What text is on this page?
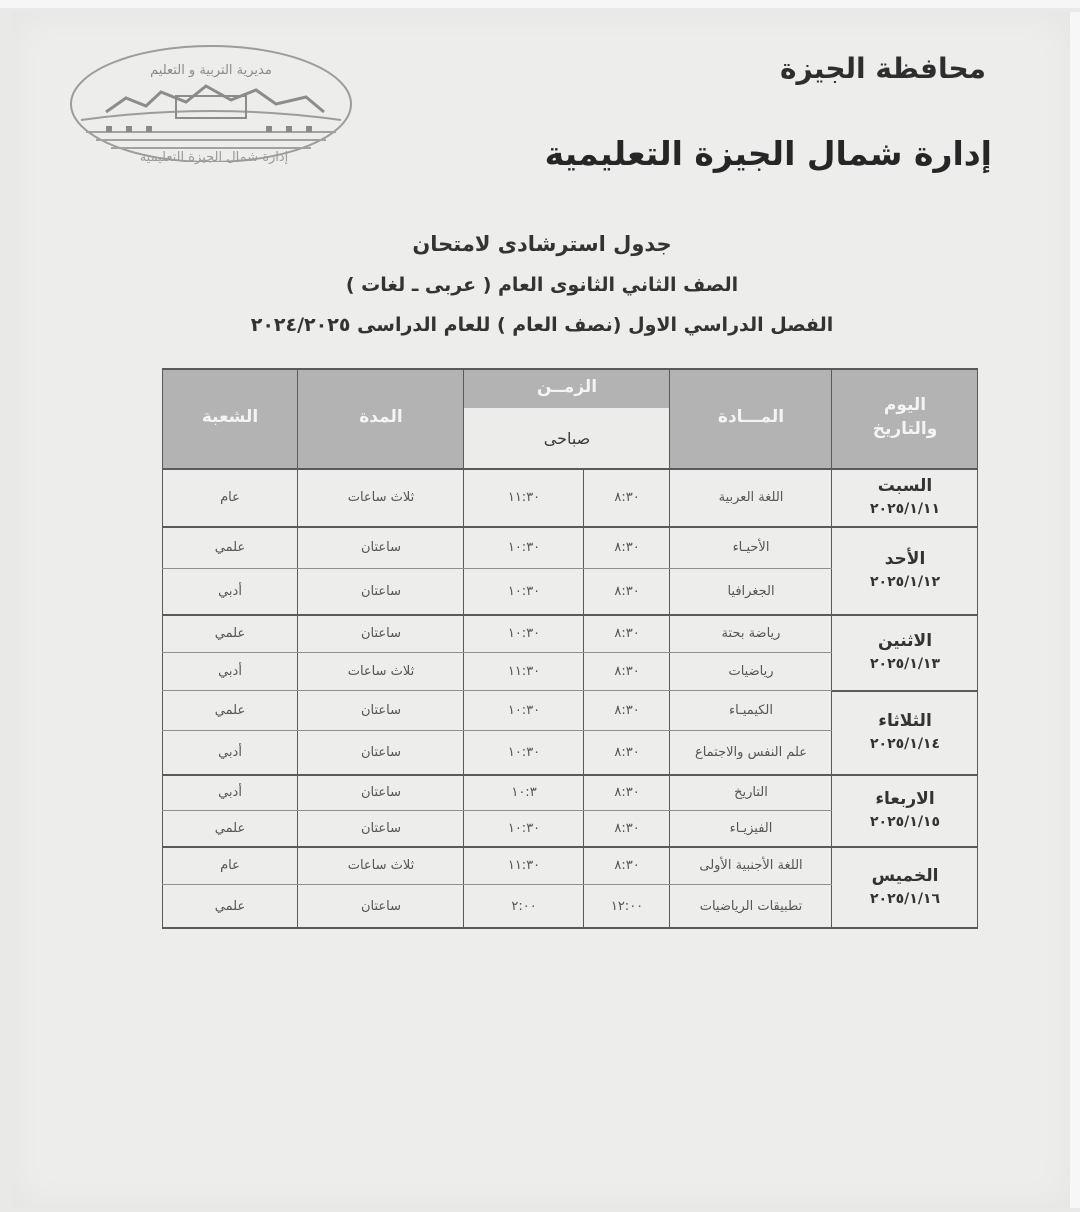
مديرية التربية و التعليم
إدارة شمال الجيزة التعليمية
محافظة الجيزة
إدارة شمال الجيزة التعليمية
جدول استرشادى لامتحان
الصف الثاني الثانوى العام ( عربى ـ لغات )
الفصل الدراسي الاول (نصف العام ) للعام الدراسى ٢٠٢٤/٢٠٢٥
اليوم والتاريخ
المـــادة
الزمــن
صباحى
المدة
الشعبة
السبت
٢٠٢٥/١/١١
الأحد
٢٠٢٥/١/١٢
الاثنين
٢٠٢٥/١/١٣
الثلاثاء
٢٠٢٥/١/١٤
الاربعاء
٢٠٢٥/١/١٥
الخميس
٢٠٢٥/١/١٦
اللغة العربية
٨:٣٠
١١:٣٠
ثلاث ساعات
عام
الأحيـاء
٨:٣٠
١٠:٣٠
ساعتان
علمي
الجغرافيا
٨:٣٠
١٠:٣٠
ساعتان
أدبي
رياضة بحتة
٨:٣٠
١٠:٣٠
ساعتان
علمي
رياضيات
٨:٣٠
١١:٣٠
ثلاث ساعات
أدبي
الكيميـاء
٨:٣٠
١٠:٣٠
ساعتان
علمي
علم النفس والاجتماع
٨:٣٠
١٠:٣٠
ساعتان
أدبي
التاريخ
٨:٣٠
١٠:٣
ساعتان
أدبي
الفيزيـاء
٨:٣٠
١٠:٣٠
ساعتان
علمي
اللغة الأجنبية الأولى
٨:٣٠
١١:٣٠
ثلاث ساعات
عام
تطبيقات الرياضيات
١٢:٠٠
٢:٠٠
ساعتان
علمي
